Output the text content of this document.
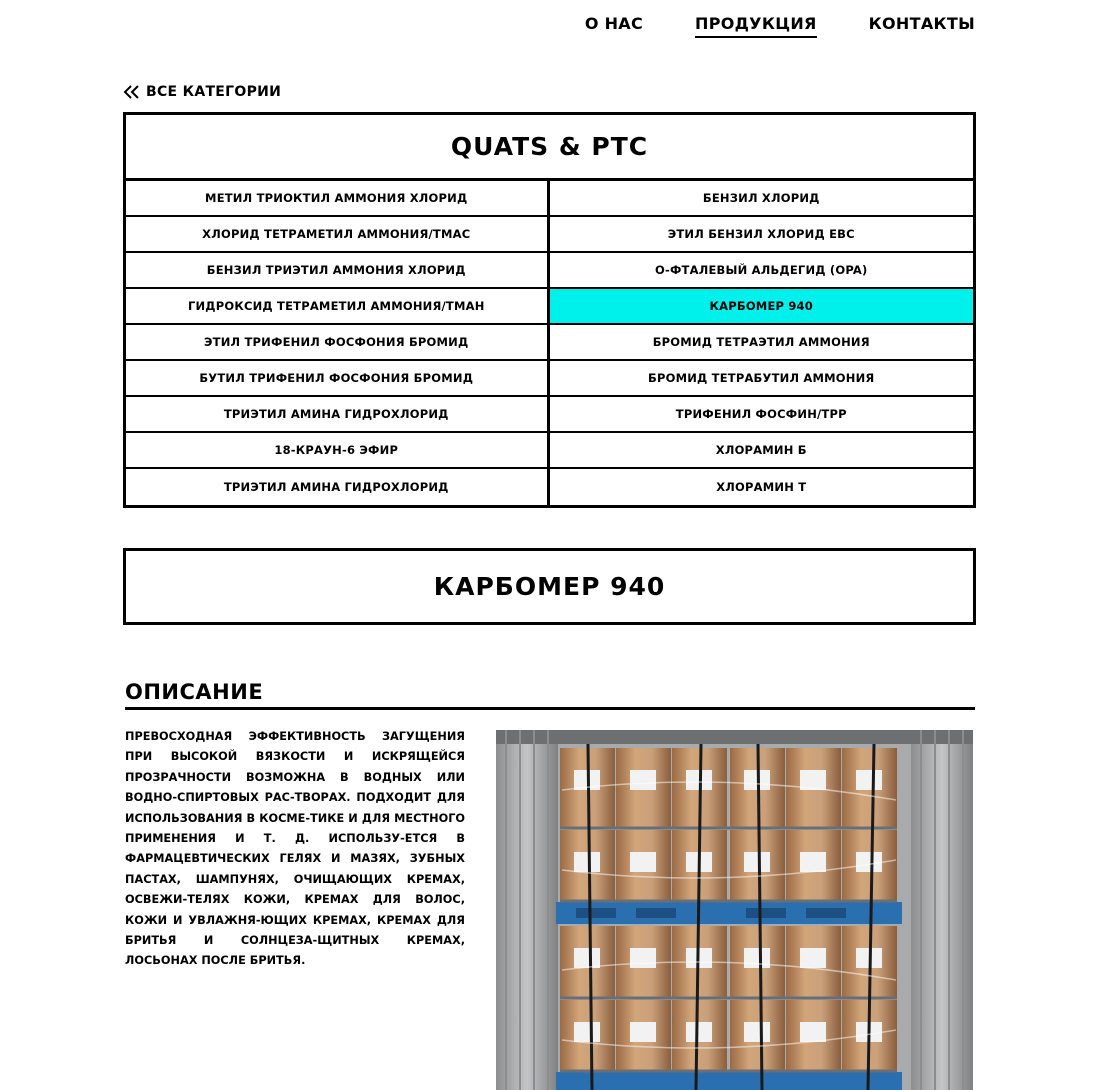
О НАС	ПРОДУКЦИЯ	КОНТАКТЫ
ВСЕ КАТЕГОРИИ
QUATS & PTC
МЕТИЛ ТРИОКТИЛ АММОНИЯ ХЛОРИД	БЕНЗИЛ ХЛОРИД
ХЛОРИД ТЕТРАМЕТИЛ АММОНИЯ/TMAC	ЭТИЛ БЕНЗИЛ ХЛОРИД EBC
БЕНЗИЛ ТРИЭТИЛ АММОНИЯ ХЛОРИД	О-ФТАЛЕВЫЙ АЛЬДЕГИД (OPA)
ГИДРОКСИД ТЕТРАМЕТИЛ АММОНИЯ/TMAH	КАРБОМЕР 940
ЭТИЛ ТРИФЕНИЛ ФОСФОНИЯ БРОМИД	БРОМИД ТЕТРАЭТИЛ АММОНИЯ
БУТИЛ ТРИФЕНИЛ ФОСФОНИЯ БРОМИД	БРОМИД ТЕТРАБУТИЛ АММОНИЯ
ТРИЭТИЛ АМИНА ГИДРОХЛОРИД	ТРИФЕНИЛ ФОСФИН/TPP
18-КРАУН-6 ЭФИР	ХЛОРАМИН Б
ТРИЭТИЛ АМИНА ГИДРОХЛОРИД	ХЛОРАМИН Т
КАРБОМЕР 940
ОПИСАНИЕ

ПРЕВОСХОДНАЯ ЭФФЕКТИВНОСТЬ ЗАГУЩЕНИЯ ПРИ ВЫСОКОЙ ВЯЗКОСТИ И ИСКРЯЩЕЙСЯ ПРОЗРАЧНОСТИ ВОЗМОЖНА В ВОДНЫХ ИЛИ ВОДНО-СПИРТОВЫХ РАС-ТВОРАХ. ПОДХОДИТ ДЛЯ ИСПОЛЬЗОВАНИЯ В КОСМЕ-ТИКЕ И ДЛЯ МЕСТНОГО ПРИМЕНЕНИЯ И Т. Д. ИСПОЛЬЗУ-ЕТСЯ В ФАРМАЦЕВТИЧЕСКИХ ГЕЛЯХ И МАЗЯХ, ЗУБНЫХ ПАСТАХ, ШАМПУНЯХ, ОЧИЩАЮЩИХ КРЕМАХ, ОСВЕЖИ-ТЕЛЯХ КОЖИ, КРЕМАХ ДЛЯ ВОЛОС, КОЖИ И УВЛАЖНЯ-ЮЩИХ КРЕМАХ, КРЕМАХ ДЛЯ БРИТЬЯ И СОЛНЦЕЗА-ЩИТНЫХ КРЕМАХ, ЛОСЬОНАХ ПОСЛЕ БРИТЬЯ.
